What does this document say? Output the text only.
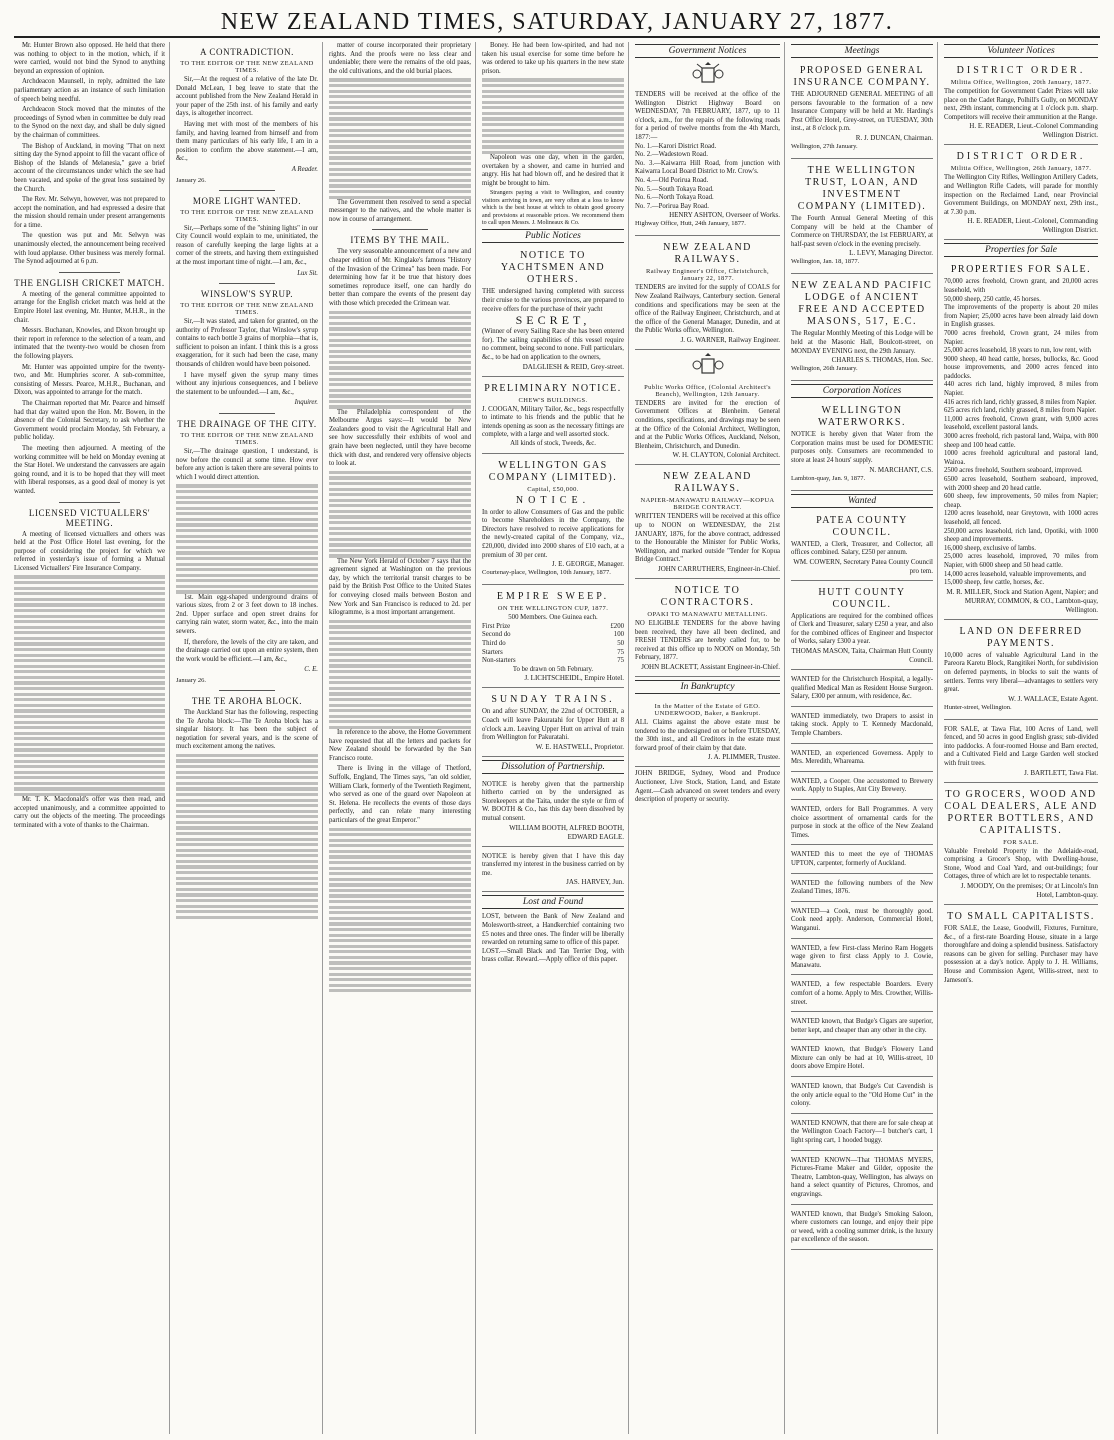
NEW ZEALAND TIMES, SATURDAY, JANUARY 27, 1877.

Mr. Hunter Brown also opposed. He held that there was nothing to object to in the motion, which, if it were carried, would not bind the Synod to anything beyond an expression of opinion.

Archdeacon Maunsell, in reply, admitted the late parliamentary action as an instance of such limitation of speech being needful.

Archdeacon Stock moved that the minutes of the proceedings of Synod when in committee be duly read to the Synod on the next day, and shall be duly signed by the chairman of committees.

The Bishop of Auckland, in moving "That on next sitting day the Synod appoint to fill the vacant office of Bishop of the Islands of Melanesia," gave a brief account of the circumstances under which the see had been vacated, and spoke of the great loss sustained by the Church.

The Rev. Mr. Selwyn, however, was not prepared to accept the nomination, and had expressed a desire that the mission should remain under present arrangements for a time.

The question was put and Mr. Selwyn was unanimously elected, the announcement being received with loud applause. Other business was merely formal. The Synod adjourned at 6 p.m.

THE ENGLISH CRICKET MATCH.

A meeting of the general committee appointed to arrange for the English cricket match was held at the Empire Hotel last evening, Mr. Hunter, M.H.R., in the chair.

Messrs. Buchanan, Knowles, and Dixon brought up their report in reference to the selection of a team, and intimated that the twenty-two would be chosen from the following players.

Mr. Hunter was appointed umpire for the twenty-two, and Mr. Humphries scorer. A sub-committee, consisting of Messrs. Pearce, M.H.R., Buchanan, and Dixon, was appointed to arrange for the match.

The Chairman reported that Mr. Pearce and himself had that day waited upon the Hon. Mr. Bowen, in the absence of the Colonial Secretary, to ask whether the Government would proclaim Monday, 5th February, a public holiday.

The meeting then adjourned. A meeting of the working committee will be held on Monday evening at the Star Hotel. We understand the canvassers are again going round, and it is to be hoped that they will meet with liberal responses, as a good deal of money is yet wanted.

LICENSED VICTUALLERS' MEETING.

A meeting of licensed victuallers and others was held at the Post Office Hotel last evening, for the purpose of considering the project for which we referred in yesterday's issue of forming a Mutual Licensed Victuallers' Fire Insurance Company.

Mr. T. K. Macdonald's offer was then read, and accepted unanimously, and a committee appointed to carry out the objects of the meeting. The proceedings terminated with a vote of thanks to the Chairman.

A CONTRADICTION.
TO THE EDITOR OF THE NEW ZEALAND TIMES.

Sir,—At the request of a relative of the late Dr. Donald McLean, I beg leave to state that the account published from the New Zealand Herald in your paper of the 25th inst. of his family and early days, is altogether incorrect.

Having met with most of the members of his family, and having learned from himself and from them many particulars of his early life, I am in a position to confirm the above statement.—I am, &c.,

A Reader.

January 26.

MORE LIGHT WANTED.
TO THE EDITOR OF THE NEW ZEALAND TIMES.

Sir,—Perhaps some of the "shining lights" in our City Council would explain to me, uninitiated, the reason of carefully keeping the large lights at a corner of the streets, and having them extinguished at the most important time of night.—I am, &c.,

Lux Sit.

WINSLOW'S SYRUP.
TO THE EDITOR OF THE NEW ZEALAND TIMES.

Sir,—It was stated, and taken for granted, on the authority of Professor Taylor, that Winslow's syrup contains to each bottle 3 grains of morphia—that is, sufficient to poison an infant. I think this is a gross exaggeration, for it such had been the case, many thousands of children would have been poisoned.

I have myself given the syrup many times without any injurious consequences, and I believe the statement to be unfounded.—I am, &c.,

Inquirer.

THE DRAINAGE OF THE CITY.
TO THE EDITOR OF THE NEW ZEALAND TIMES.

Sir,—The drainage question, I understand, is now before the council at some time. How ever before any action is taken there are several points to which I would direct attention.

1st. Main egg-shaped underground drains of various sizes, from 2 or 3 feet down to 18 inches. 2nd. Upper surface and open street drains for carrying rain water, storm water, &c., into the main sewers.

If, therefore, the levels of the city are taken, and the drainage carried out upon an entire system, then the work would be efficient.—I am, &c.,

C. E.

January 26.

THE TE AROHA BLOCK.

The Auckland Star has the following, respecting the Te Aroha block:—The Te Aroha block has a singular history. It has been the subject of negotiation for several years, and is the scene of much excitement among the natives.

matter of course incorporated their proprietary rights. And the proofs were no less clear and undeniable; there were the remains of the old paas, the old cultivations, and the old burial places.

The Government then resolved to send a special messenger to the natives, and the whole matter is now in course of arrangement.

ITEMS BY THE MAIL.

The very seasonable announcement of a new and cheaper edition of Mr. Kinglake's famous "History of the Invasion of the Crimea" has been made. For determining how far it be true that history does sometimes reproduce itself, one can hardly do better than compare the events of the present day with those which preceded the Crimean war.

The Philadelphia correspondent of the Melbourne Argus says:—It would be New Zealanders good to visit the Agricultural Hall and see how successfully their exhibits of wool and grain have been neglected, until they have become thick with dust, and rendered very offensive objects to look at.

The New York Herald of October 7 says that the agreement signed at Washington on the previous day, by which the territorial transit charges to be paid by the British Post Office to the United States for conveying closed mails between Boston and New York and San Francisco is reduced to 2d. per kilogramme, is a most important arrangement.

In reference to the above, the Home Government have requested that all the letters and packets for New Zealand should be forwarded by the San Francisco route.

There is living in the village of Thetford, Suffolk, England, The Times says, "an old soldier, William Clark, formerly of the Twentieth Regiment, who served as one of the guard over Napoleon at St. Helena. He recollects the events of those days perfectly, and can relate many interesting particulars of the great Emperor."

Boney. He had been low-spirited, and had not taken his usual exercise for some time before he was ordered to take up his quarters in the new state prison.

Napoleon was one day, when in the garden, overtaken by a shower, and came in hurried and angry. His hat had blown off, and he desired that it might be brought to him.

Strangers paying a visit to Wellington, and country visitors arriving in town, are very often at a loss to know which is the best house at which to obtain good grocery and provisions at reasonable prices. We recommend them to call upon Messrs. J. Molineaux & Co.

Public Notices
NOTICE TO YACHTSMEN AND OTHERS.

THE undersigned having completed with success their cruise to the various provinces, are prepared to receive offers for the purchase of their yacht

SECRET,

(Winner of every Sailing Race she has been entered for). The sailing capabilities of this vessel require no comment, being second to none. Full particulars, &c., to be had on application to the owners,

DALGLIESH & REID, Grey-street.
PRELIMINARY NOTICE.
CHEW'S BUILDINGS.

J. COOGAN, Military Tailor, &c., begs respectfully to intimate to his friends and the public that he intends opening as soon as the necessary fittings are complete, with a large and well assorted stock.

All kinds of stock, Tweeds, &c.

WELLINGTON GAS COMPANY (LIMITED).
Capital, £50,000.
NOTICE.

In order to allow Consumers of Gas and the public to become Shareholders in the Company, the Directors have resolved to receive applications for the newly-created capital of the Company, viz., £20,000, divided into 2000 shares of £10 each, at a premium of 30 per cent.

J. E. GEORGE, Manager.

Courtenay-place, Wellington, 10th January, 1877.

EMPIRE SWEEP.
ON THE WELLINGTON CUP, 1877.

500 Members. One Guinea each.

First Prize	£200
Second do	100
Third do	50
Starters	75
Non-starters	75

To be drawn on 5th February.

J. LICHTSCHEIDL, Empire Hotel.
SUNDAY TRAINS.

On and after SUNDAY, the 22nd of OCTOBER, a Coach will leave Pakuratahi for Upper Hutt at 8 o'clock a.m. Leaving Upper Hutt on arrival of train from Wellington for Pakuratahi.

W. E. HASTWELL, Proprietor.
Dissolution of Partnership.

NOTICE is hereby given that the partnership hitherto carried on by the undersigned as Storekeepers at the Taita, under the style or firm of W. BOOTH & Co., has this day been dissolved by mutual consent.

WILLIAM BOOTH, ALFRED BOOTH, EDWARD EAGLE.

NOTICE is hereby given that I have this day transferred my interest in the business carried on by me.

JAS. HARVEY, Jun.
Lost and Found

LOST, between the Bank of New Zealand and Molesworth-street, a Handkerchief containing two £5 notes and three ones. The finder will be liberally rewarded on returning same to office of this paper.

LOST.—Small Black and Tan Terrier Dog, with brass collar. Reward.—Apply office of this paper.

Government Notices

TENDERS will be received at the office of the Wellington District Highway Board on WEDNESDAY, 7th FEBRUARY, 1877, up to 11 o'clock, a.m., for the repairs of the following roads for a period of twelve months from the 4th March, 1877:—

No. 1.—Karori District Road.

No. 2.—Wadestown Road.

No. 3.—Kaiwarra Hill Road, from junction with Kaiwarra Local Board District to Mr. Crow's.

No. 4.—Old Porirua Road.

No. 5.—South Tokaya Road.

No. 6.—North Tokaya Road.

No. 7.—Porirua Bay Road.

HENRY ASHTON, Overseer of Works.

Highway Office, Hutt, 24th January, 1877.

NEW ZEALAND RAILWAYS.
Railway Engineer's Office, Christchurch, January 22, 1877.

TENDERS are invited for the supply of COALS for New Zealand Railways, Canterbury section. General conditions and specifications may be seen at the office of the Railway Engineer, Christchurch, and at the office of the General Manager, Dunedin, and at the Public Works office, Wellington.

J. G. WARNER, Railway Engineer.
Public Works Office, (Colonial Architect's Branch), Wellington, 12th January.

TENDERS are invited for the erection of Government Offices at Blenheim. General conditions, specifications, and drawings may be seen at the Office of the Colonial Architect, Wellington, and at the Public Works Offices, Auckland, Nelson, Blenheim, Christchurch, and Dunedin.

W. H. CLAYTON, Colonial Architect.
NEW ZEALAND RAILWAYS.
NAPIER-MANAWATU RAILWAY—KOPUA BRIDGE CONTRACT.

WRITTEN TENDERS will be received at this office up to NOON on WEDNESDAY, the 21st JANUARY, 1876, for the above contract, addressed to the Honourable the Minister for Public Works, Wellington, and marked outside "Tender for Kopua Bridge Contract."

JOHN CARRUTHERS, Engineer-in-Chief.
NOTICE TO CONTRACTORS.
OPAKI TO MANAWATU METALLING.

NO ELIGIBLE TENDERS for the above having been received, they have all been declined, and FRESH TENDERS are hereby called for, to be received at this office up to NOON on Monday, 5th February, 1877.

JOHN BLACKETT, Assistant Engineer-in-Chief.
In Bankruptcy
In the Matter of the Estate of GEO. UNDERWOOD, Baker, a Bankrupt.

ALL Claims against the above estate must be tendered to the undersigned on or before TUESDAY, the 30th inst., and all Creditors in the estate must forward proof of their claim by that date.

J. A. PLIMMER, Trustee.

JOHN BRIDGE, Sydney, Wood and Produce Auctioneer, Live Stock, Station, Land, and Estate Agent.—Cash advanced on sweet tenders and every description of property or security.

Meetings
PROPOSED GENERAL INSURANCE COMPANY.

THE ADJOURNED GENERAL MEETING of all persons favourable to the formation of a new Insurance Company will be held at Mr. Harding's Post Office Hotel, Grey-street, on TUESDAY, 30th inst., at 8 o'clock p.m.

R. J. DUNCAN, Chairman.

Wellington, 27th January.

THE WELLINGTON TRUST, LOAN, AND INVESTMENT COMPANY (LIMITED).

The Fourth Annual General Meeting of this Company will be held at the Chamber of Commerce on THURSDAY, the 1st FEBRUARY, at half-past seven o'clock in the evening precisely.

L. LEVY, Managing Director.

Wellington, Jan. 18, 1877.

NEW ZEALAND PACIFIC LODGE of ANCIENT FREE AND ACCEPTED MASONS, 517, E.C.

The Regular Monthly Meeting of this Lodge will be held at the Masonic Hall, Boulcott-street, on MONDAY EVENING next, the 29th January.

CHARLES S. THOMAS, Hon. Sec.

Wellington, 26th January.

Corporation Notices
WELLINGTON WATERWORKS.

NOTICE is hereby given that Water from the Corporation mains must be used for DOMESTIC purposes only. Consumers are recommended to store at least 24 hours' supply.

N. MARCHANT, C.S.

Lambton-quay, Jan. 9, 1877.

Wanted
PATEA COUNTY COUNCIL.

WANTED, a Clerk, Treasurer, and Collector, all offices combined. Salary, £250 per annum.

WM. COWERN, Secretary Patea County Council pro tem.
HUTT COUNTY COUNCIL.

Applications are required for the combined offices of Clerk and Treasurer, salary £250 a year, and also for the combined offices of Engineer and Inspector of Works, salary £300 a year.

THOMAS MASON, Taita, Chairman Hutt County Council.

WANTED for the Christchurch Hospital, a legally-qualified Medical Man as Resident House Surgeon. Salary, £300 per annum, with residence, &c.

WANTED immediately, two Drapers to assist in taking stock. Apply to T. Kennedy Macdonald, Temple Chambers.

WANTED, an experienced Governess. Apply to Mrs. Meredith, Whareama.

WANTED, a Cooper. One accustomed to Brewery work. Apply to Staples, Ant City Brewery.

WANTED, orders for Ball Programmes. A very choice assortment of ornamental cards for the purpose in stock at the office of the New Zealand Times.

WANTED this to meet the eye of THOMAS UPTON, carpenter, formerly of Auckland.

WANTED the following numbers of the New Zealand Times, 1876.

WANTED—a Cook, must be thoroughly good. Cook need apply. Anderson, Commercial Hotel, Wanganui.

WANTED, a few First-class Merino Ram Hoggets wage given to first class Apply to J. Cowie, Manawatu.

WANTED, a few respectable Boarders. Every comfort of a home. Apply to Mrs. Crowther, Willis-street.

WANTED known, that Budge's Cigars are superior, better kept, and cheaper than any other in the city.

WANTED known, that Budge's Flowery Land Mixture can only be had at 10, Willis-street, 10 doors above Empire Hotel.

WANTED known, that Budge's Cut Cavendish is the only article equal to the "Old Home Cut" in the colony.

WANTED KNOWN, that there are for sale cheap at the Wellington Coach Factory—1 butcher's cart, 1 light spring cart, 1 hooded buggy.

WANTED KNOWN—That THOMAS MYERS, Pictures-Frame Maker and Gilder, opposite the Theatre, Lambton-quay, Wellington, has always on hand a select quantity of Pictures, Chromos, and engravings.

WANTED known, that Budge's Smoking Saloon, where customers can lounge, and enjoy their pipe or weed, with a cooling summer drink, is the luxury par excellence of the season.

Volunteer Notices
DISTRICT ORDER.
Militia Office, Wellington, 20th January, 1877.

The competition for Government Cadet Prizes will take place on the Cadet Range, Polhill's Gully, on MONDAY next, 29th instant, commencing at 1 o'clock p.m. sharp. Competitors will receive their ammunition at the Range.

H. E. READER, Lieut.-Colonel Commanding Wellington District.
DISTRICT ORDER.
Militia Office, Wellington, 26th January, 1877.

The Wellington City Rifles, Wellington Artillery Cadets, and Wellington Rifle Cadets, will parade for monthly inspection on the Reclaimed Land, near Provincial Government Buildings, on MONDAY next, 29th inst., at 7.30 p.m.

H. E. READER, Lieut.-Colonel, Commanding Wellington District.
Properties for Sale
PROPERTIES FOR SALE.

70,000 acres freehold, Crown grant, and 20,000 acres leasehold, with

50,000 sheep, 250 cattle, 45 horses.

The improvements of the property is about 20 miles from Napier; 25,000 acres have been already laid down in English grasses.

7000 acres freehold, Crown grant, 24 miles from Napier.

25,000 acres leasehold, 18 years to run, low rent, with

9000 sheep, 40 head cattle, horses, bullocks, &c. Good house improvements, and 2000 acres fenced into paddocks.

440 acres rich land, highly improved, 8 miles from Napier.

416 acres rich land, richly grassed, 8 miles from Napier.

625 acres rich land, richly grassed, 8 miles from Napier.

11,000 acres freehold, Crown grant, with 9,000 acres leasehold, excellent pastoral lands.

3000 acres freehold, rich pastoral land, Waipa, with 800 sheep and 100 head cattle.

1000 acres freehold agricultural and pastoral land, Wairoa.

2500 acres freehold, Southern seaboard, improved.

6500 acres leasehold, Southern seaboard, improved, with 2000 sheep and 20 head cattle.

600 sheep, few improvements, 50 miles from Napier; cheap.

1200 acres leasehold, near Greytown, with 1000 acres leasehold, all fenced.

250,000 acres leasehold, rich land, Opotiki, with 1000 sheep and improvements.

16,000 sheep, exclusive of lambs.

25,000 acres leasehold, improved, 70 miles from Napier, with 6000 sheep and 50 head cattle.

14,000 acres leasehold, valuable improvements, and

15,000 sheep, few cattle, horses, &c.

M. R. MILLER, Stock and Station Agent, Napier; and MURRAY, COMMON, & CO., Lambton-quay, Wellington.
LAND ON DEFERRED PAYMENTS.

10,000 acres of valuable Agricultural Land in the Pareora Karetu Block, Rangitikei North, for subdivision on deferred payments, in blocks to suit the wants of settlers. Terms very liberal—advantages to settlers very great.

W. J. WALLACE, Estate Agent.

Hunter-street, Wellington.

FOR SALE, at Tawa Flat, 100 Acres of Land, well fenced, and 50 acres in good English grass; sub-divided into paddocks. A four-roomed House and Barn erected, and a Cultivated Field and Large Garden well stocked with fruit trees.

J. BARTLETT, Tawa Flat.
TO GROCERS, WOOD AND COAL DEALERS, ALE AND PORTER BOTTLERS, AND CAPITALISTS.
FOR SALE.

Valuable Freehold Property in the Adelaide-road, comprising a Grocer's Shop, with Dwelling-house, Stone, Wood and Coal Yard, and out-buildings; four Cottages, three of which are let to respectable tenants.

J. MOODY, On the premises; Or at Lincoln's Inn Hotel, Lambton-quay.
TO SMALL CAPITALISTS.

FOR SALE, the Lease, Goodwill, Fixtures, Furniture, &c., of a first-rate Boarding House, situate in a large thoroughfare and doing a splendid business. Satisfactory reasons can be given for selling. Purchaser may have possession at a day's notice. Apply to J. H. Williams, House and Commission Agent, Willis-street, next to Jameson's.
